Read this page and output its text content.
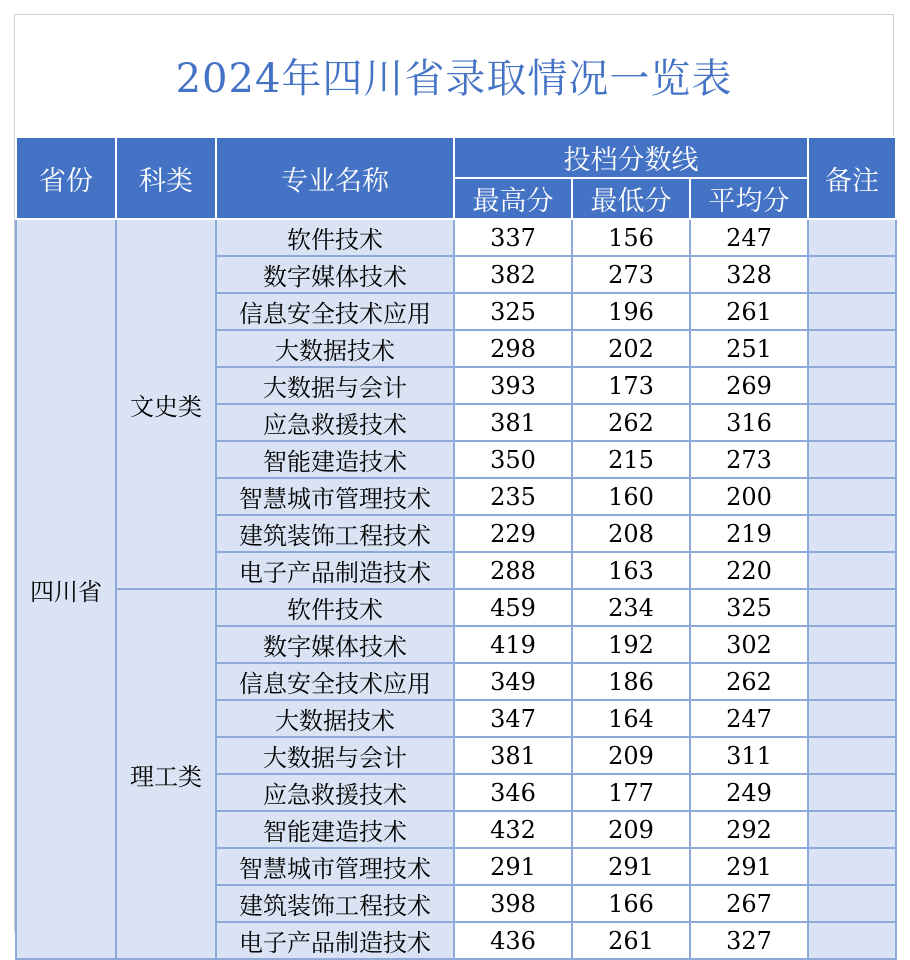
2024年四川省录取情况一览表
省份	科类	专业名称	投档分数线			备注
			最高分	最低分	平均分	
四川省	文史类	软件技术	337	156	247	
		数字媒体技术	382	273	328	
		信息安全技术应用	325	196	261	
		大数据技术	298	202	251	
		大数据与会计	393	173	269	
		应急救援技术	381	262	316	
		智能建造技术	350	215	273	
		智慧城市管理技术	235	160	200	
		建筑装饰工程技术	229	208	219	
		电子产品制造技术	288	163	220	
	理工类	软件技术	459	234	325	
		数字媒体技术	419	192	302	
		信息安全技术应用	349	186	262	
		大数据技术	347	164	247	
		大数据与会计	381	209	311	
		应急救援技术	346	177	249	
		智能建造技术	432	209	292	
		智慧城市管理技术	291	291	291	
		建筑装饰工程技术	398	166	267	
		电子产品制造技术	436	261	327	
